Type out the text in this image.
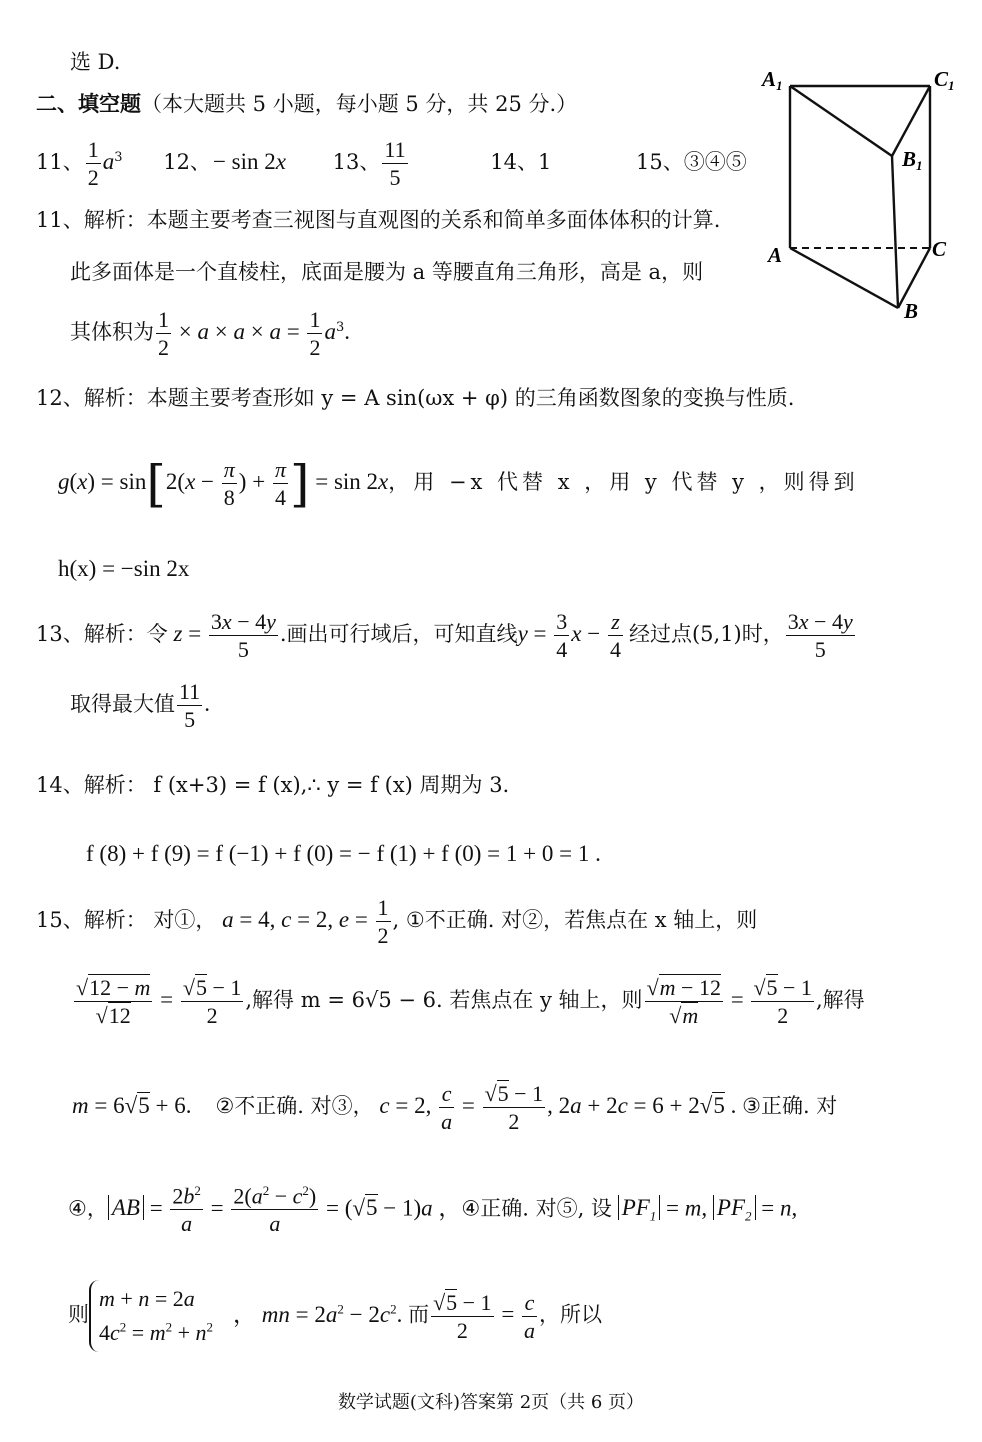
选 D.
二、填空题（本大题共 5 小题，每小题 5 分，共 25 分.）
11、 $\frac{1}{2} a^3$ 12、− sin 2x 13、 $\frac{11}{5}$	14、1	15、③④⑤
A1	C1
B1
A	C
B
11、解析：本题主要考查三视图与直观图的关系和简单多面体体积的计算.
此多面体是一个直棱柱，底面是腰为 a 等腰直角三角形，高是 a，则
其体积为 $\frac{1}{2} \times a \times a \times a = \frac{1}{2} a^3$.
12、解析：本题主要考查形如 y = A sin(ωx + φ) 的三角函数图象的变换与性质.
$g(x) = \sin[2(x - \frac{\pi}{8}$ ) + $\frac{\pi}{4}$ ] = sin 2x，用 −x 代替 x ，用 y 代替 y ，则得到
h(x) = −sin 2x
13、解析：令 $z = \frac{3x - 4y}{5}$ .画出可行域后，可知直线$y = \frac{3}{4}$ $x - \frac{z}{4}$ 经过点(5,1)时， $\frac{3x - 4y}{5}$
取得最大值 $\frac{11}{5}$ .
14、解析： f (x+3) = f (x),∴ y = f (x) 周期为 3.
f (8) + f (9) = f (−1) + f (0) = − f (1) + f (0) = 1 + 0 = 1 .
15、解析： 对①， a = 4, c = 2, $e = \frac{1}{2}$ , ①不正确. 对②，若焦点在 x 轴上，则
$\frac{√12 - m}{√12} = \frac{√5 - 1}{2}$ ,解得 m = 6√5 − 6. 若焦点在 y 轴上，则 $\frac{√m - 12}{√m} = \frac{√5 - 1}{2}$ ,解得
m = 6√5 + 6. ②不正确. 对③， c = 2, $\frac{c}{a} = \frac{√5 - 1}{2}$ , 2a + 2c = 6 + 2√5 . ③正确. 对
④， AB = $\frac{2b^2}{a} = \frac{2(a^2 - c^2)}{a} = (√5 - 1)a$ ，④正确. 对⑤, 设 $PF_1 = m$, $PF_2 = n$,
则m + n = 2a
$4c^2 = m^2 + n^2$， mn = $2a^2 - 2c^2$. 而 $\frac{√5 - 1}{2} = \frac{c}{a}$ ，所以
数学试题(文科)答案第 2页（共 6 页）
